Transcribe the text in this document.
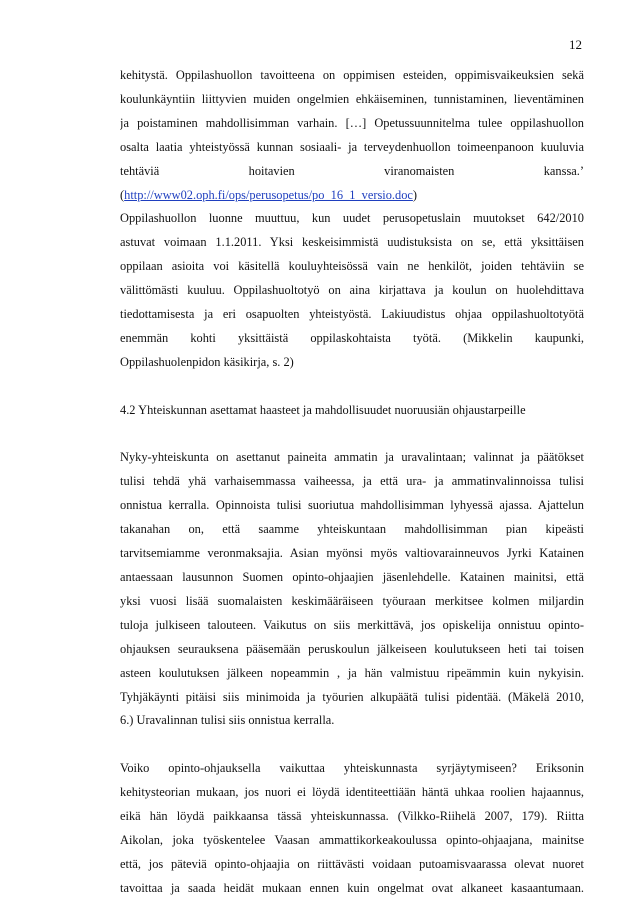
12
kehitystä. Oppilashuollon tavoitteena on oppimisen esteiden, oppimisvaikeuksien sekä
koulunkäyntiin liittyvien muiden ongelmien ehkäiseminen, tunnistaminen, lieventäminen
ja poistaminen mahdollisimman varhain. […] Opetussuunnitelma tulee oppilashuollon
osalta laatia yhteistyössä kunnan sosiaali- ja terveydenhuollon toimeenpanoon kuuluvia
tehtäviä hoitavien viranomaisten kanssa.’
(http://www02.oph.fi/ops/perusopetus/po_16_1_versio.doc)
Oppilashuollon luonne muuttuu, kun uudet perusopetuslain muutokset 642/2010
astuvat voimaan 1.1.2011. Yksi keskeisimmistä uudistuksista on se, että yksittäisen
oppilaan asioita voi käsitellä kouluyhteisössä vain ne henkilöt, joiden tehtäviin se
välittömästi kuuluu. Oppilashuoltotyö on aina kirjattava ja koulun on huolehdittava
tiedottamisesta ja eri osapuolten yhteistyöstä. Lakiuudistus ohjaa oppilashuoltotyötä
enemmän kohti yksittäistä oppilaskohtaista työtä. (Mikkelin kaupunki,
Oppilashuolenpidon käsikirja, s. 2)
4.2 Yhteiskunnan asettamat haasteet ja mahdollisuudet nuoruusiän ohjaustarpeille
Nyky-yhteiskunta on asettanut paineita ammatin ja uravalintaan; valinnat ja päätökset
tulisi tehdä yhä varhaisemmassa vaiheessa, ja että ura- ja ammatinvalinnoissa tulisi
onnistua kerralla. Opinnoista tulisi suoriutua mahdollisimman lyhyessä ajassa. Ajattelun
takanahan on, että saamme yhteiskuntaan mahdollisimman pian kipeästi
tarvitsemiamme veronmaksajia. Asian myönsi myös valtiovarainneuvos Jyrki Katainen
antaessaan lausunnon Suomen opinto-ohjaajien jäsenlehdelle. Katainen mainitsi, että
yksi vuosi lisää suomalaisten keskimääräiseen työuraan merkitsee kolmen miljardin
tuloja julkiseen talouteen. Vaikutus on siis merkittävä, jos opiskelija onnistuu opinto-
ohjauksen seurauksena pääsemään peruskoulun jälkeiseen koulutukseen heti tai toisen
asteen koulutuksen jälkeen nopeammin , ja hän valmistuu ripeämmin kuin nykyisin.
Tyhjäkäynti pitäisi siis minimoida ja työurien alkupäätä tulisi pidentää. (Mäkelä 2010,
6.) Uravalinnan tulisi siis onnistua kerralla.
Voiko opinto-ohjauksella vaikuttaa yhteiskunnasta syrjäytymiseen? Eriksonin
kehitysteorian mukaan, jos nuori ei löydä identiteettiään häntä uhkaa roolien hajaannus,
eikä hän löydä paikkaansa tässä yhteiskunnassa. (Vilkko-Riihelä 2007, 179). Riitta
Aikolan, joka työskentelee Vaasan ammattikorkeakoulussa opinto-ohjaajana, mainitse
että, jos päteviä opinto-ohjaajia on riittävästi voidaan putoamisvaarassa olevat nuoret
tavoittaa ja saada heidät mukaan ennen kuin ongelmat ovat alkaneet kasaantumaan.
